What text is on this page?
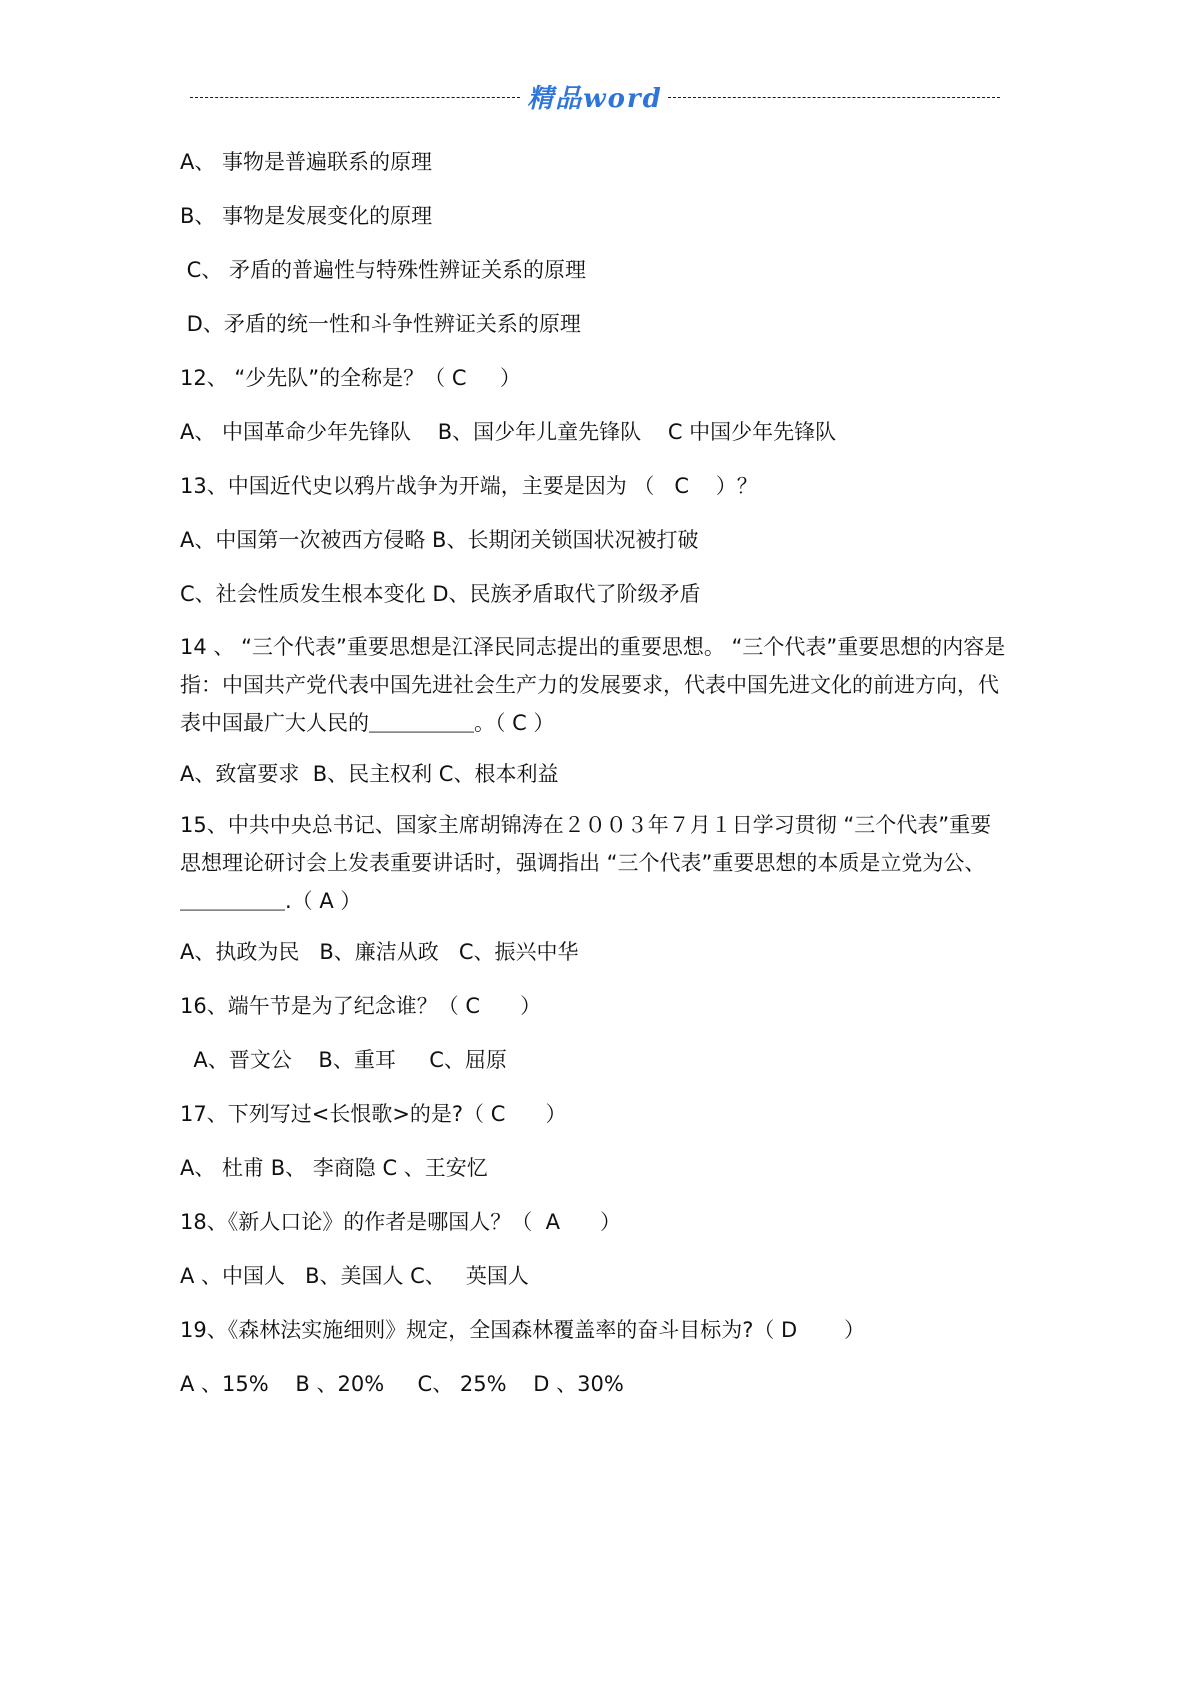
精品word
A、 事物是普遍联系的原理
B、 事物是发展变化的原理
C、 矛盾的普遍性与特殊性辨证关系的原理
D、矛盾的统一性和斗争性辨证关系的原理
12、 “少先队”的全称是？（ C     ）
A、 中国革命少年先锋队    B、国少年儿童先锋队    C 中国少年先锋队
13、中国近代史以鸦片战争为开端，主要是因为 （   C    ）？
A、中国第一次被西方侵略 B、长期闭关锁国状况被打破
C、社会性质发生根本变化 D、民族矛盾取代了阶级矛盾
14 、 “三个代表”重要思想是江泽民同志提出的重要思想。 “三个代表”重要思想的内容是指：中国共产党代表中国先进社会生产力的发展要求，代表中国先进文化的前进方向，代表中国最广大人民的＿＿＿＿＿。（ C ）
A、致富要求  B、民主权利 C、根本利益
15、中共中央总书记、国家主席胡锦涛在２００３年７月１日学习贯彻 “三个代表”重要思想理论研讨会上发表重要讲话时，强调指出 “三个代表”重要思想的本质是立党为公、 ＿＿＿＿＿.（ A ）
A、执政为民   B、廉洁从政   C、振兴中华
16、端午节是为了纪念谁？（ C      ）
A、晋文公    B、重耳     C、屈原
17、下列写过<长恨歌>的是?（ C      ）
A、 杜甫 B、 李商隐 C 、王安忆
18、《新人口论》的作者是哪国人？（  A      ）
A 、中国人   B、美国人 C、   英国人
19、《森林法实施细则》规定，全国森林覆盖率的奋斗目标为?（ D       ）
A 、15%    B 、20%     C、 25%    D 、30%
